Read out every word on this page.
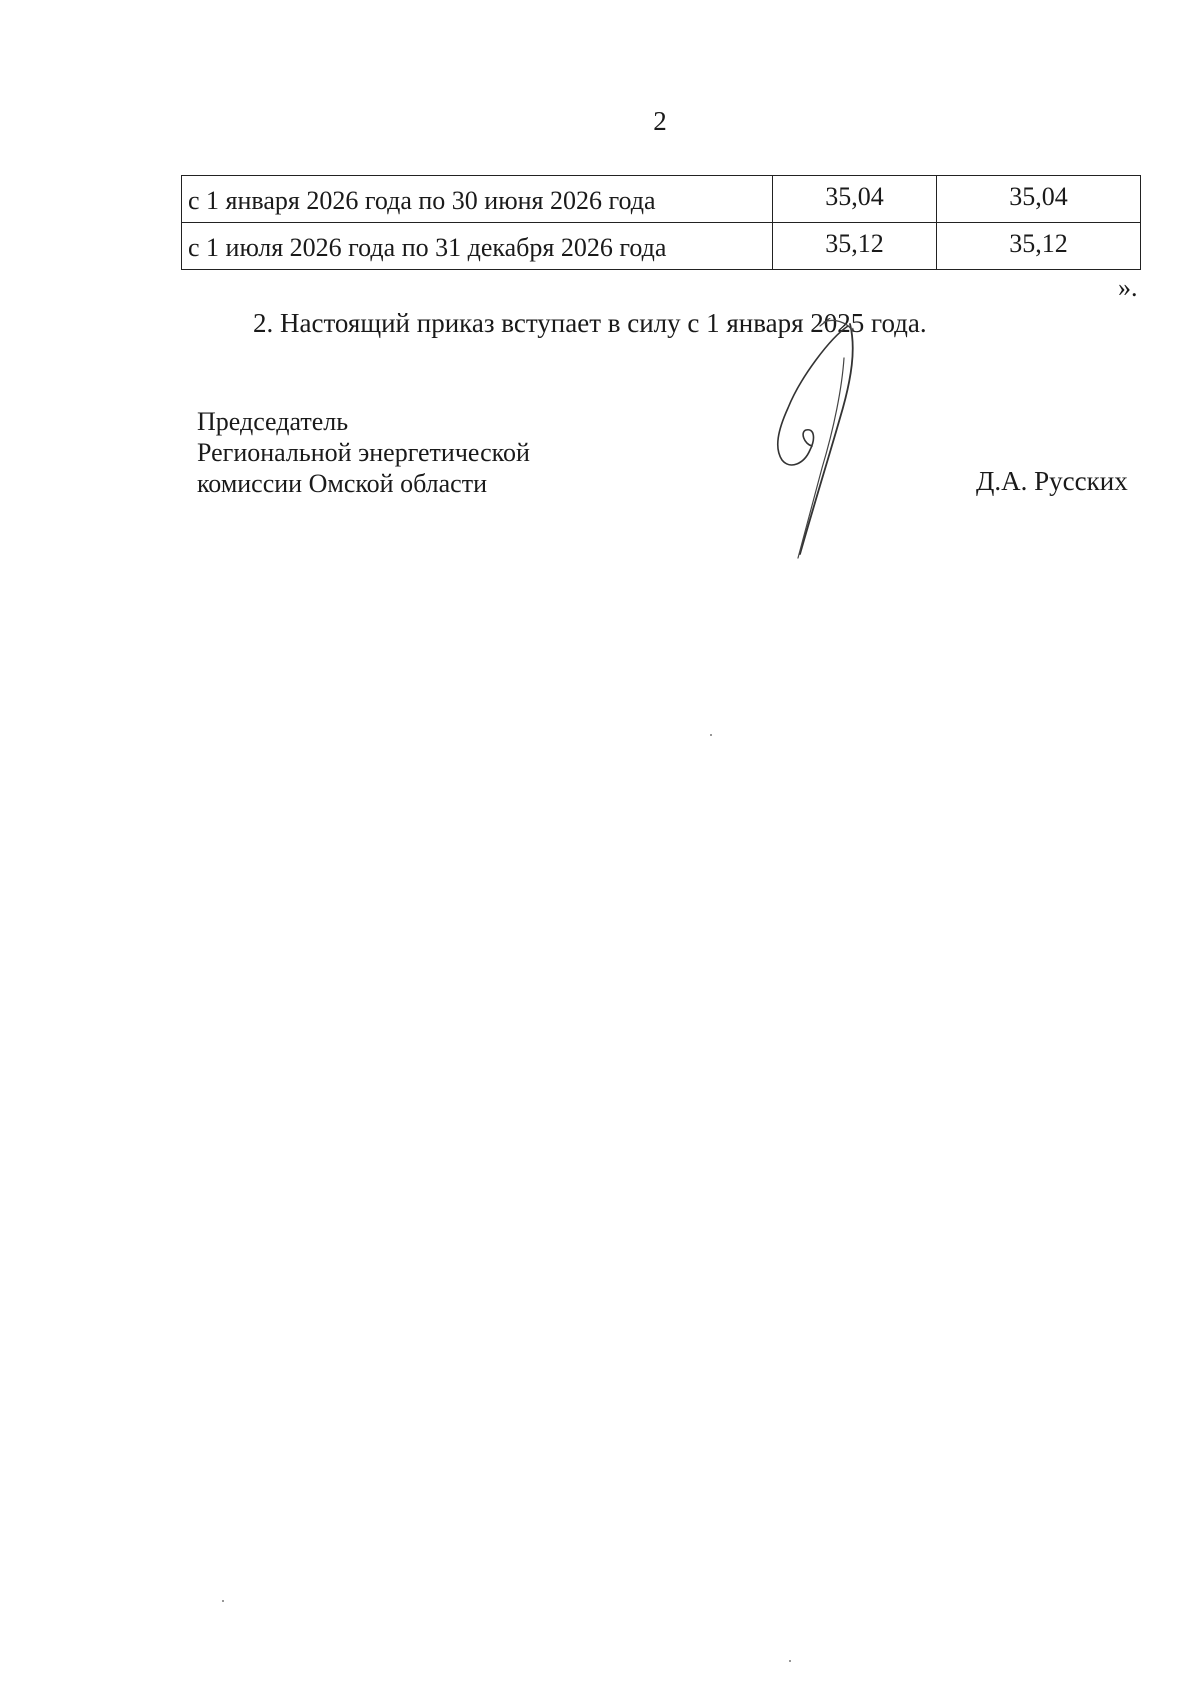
2
с 1 января 2026 года по 30 июня 2026 года	35,04	35,04
с 1 июля 2026 года по 31 декабря 2026 года	35,12	35,12
».
2. Настоящий приказ вступает в силу с 1 января 2025 года.
Председатель
Региональной энергетической
комиссии Омской области	Д.А. Русских
